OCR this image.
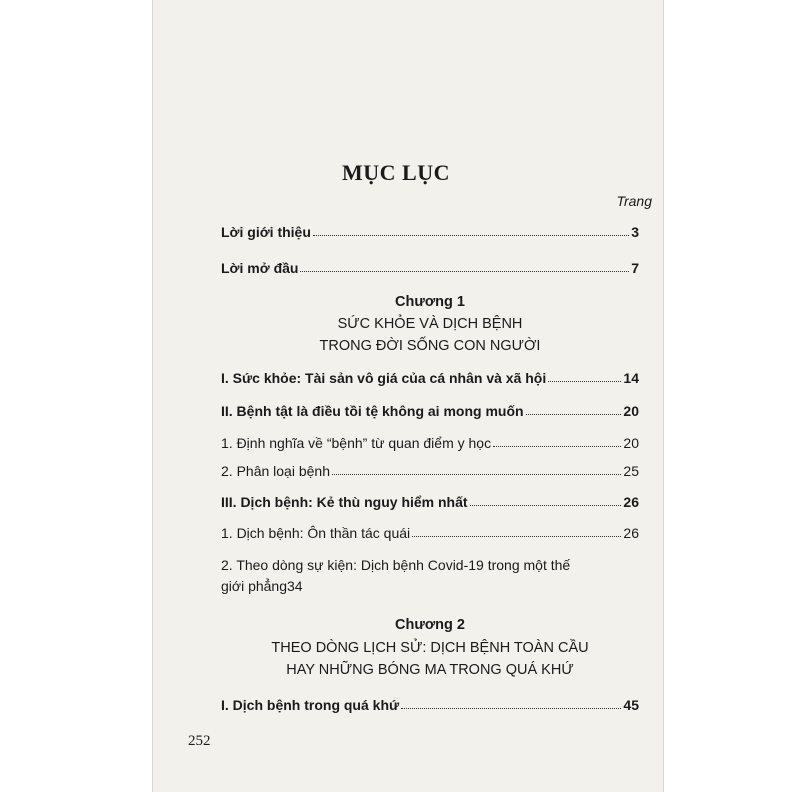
MỤC LỤC
Trang
Lời giới thiệu	3
Lời mở đầu	7
Chương 1
SỨC KHỎE VÀ DỊCH BỆNH
TRONG ĐỜI SỐNG CON NGƯỜI
I. Sức khỏe: Tài sản vô giá của cá nhân và xã hội	14
II. Bệnh tật là điều tồi tệ không ai mong muốn	20
1. Định nghĩa về “bệnh” từ quan điểm y học	20
2. Phân loại bệnh	25
III. Dịch bệnh: Kẻ thù nguy hiểm nhất	26
1. Dịch bệnh: Ôn thần tác quái	26
2. Theo dòng sự kiện: Dịch bệnh Covid-19 trong một thế
giới phẳng 34
Chương 2
THEO DÒNG LỊCH SỬ: DỊCH BỆNH TOÀN CẦU
HAY NHỮNG BÓNG MA TRONG QUÁ KHỨ
I. Dịch bệnh trong quá khứ	45
252
